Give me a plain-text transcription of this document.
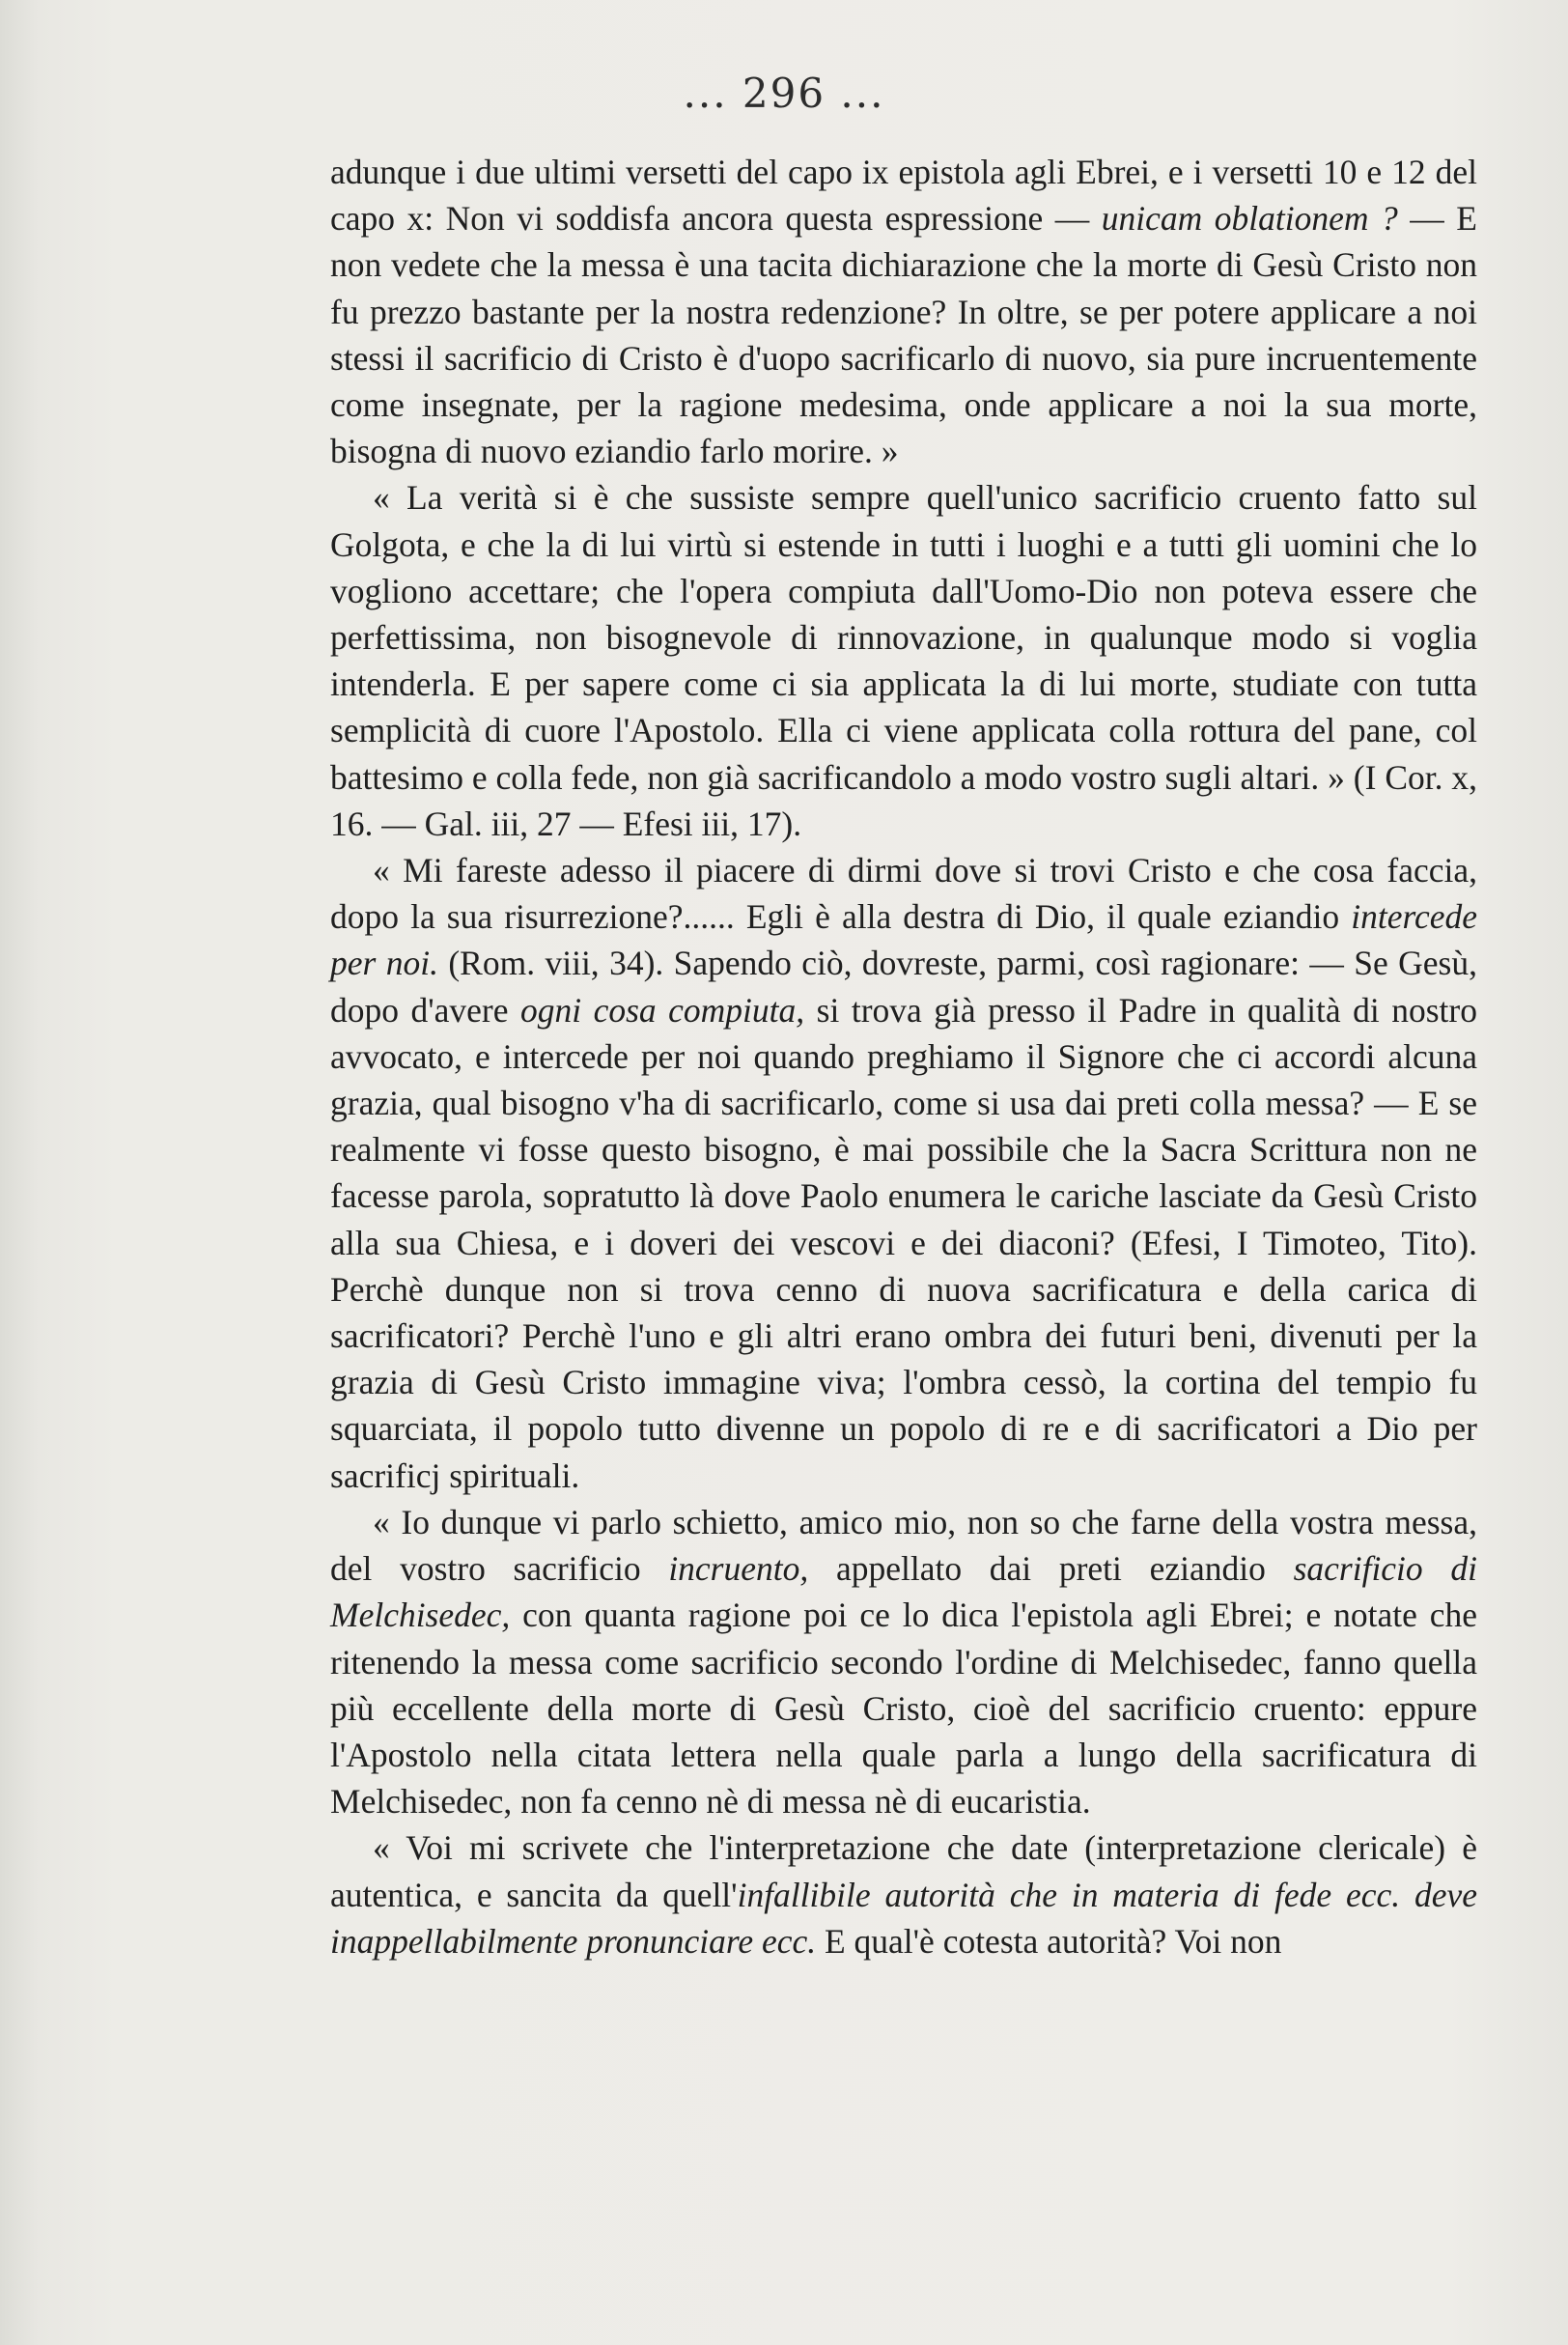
... 296 ...

adunque i due ultimi versetti del capo ix epistola agli Ebrei, e i versetti 10 e 12 del capo x: Non vi soddisfa ancora questa espressione — unicam oblationem ? — E non vedete che la messa è una tacita dichiarazione che la morte di Gesù Cristo non fu prezzo bastante per la nostra redenzione? In oltre, se per potere applicare a noi stessi il sacrificio di Cristo è d'uopo sacrificarlo di nuovo, sia pure incruentemente come insegnate, per la ragione medesima, onde applicare a noi la sua morte, bisogna di nuovo eziandio farlo morire. »

« La verità si è che sussiste sempre quell'unico sacrificio cruento fatto sul Golgota, e che la di lui virtù si estende in tutti i luoghi e a tutti gli uomini che lo vogliono accettare; che l'opera compiuta dall'Uomo-Dio non poteva essere che perfettissima, non bisognevole di rinnovazione, in qualunque modo si voglia intenderla. E per sapere come ci sia applicata la di lui morte, studiate con tutta semplicità di cuore l'Apostolo. Ella ci viene applicata colla rottura del pane, col battesimo e colla fede, non già sacrificandolo a modo vostro sugli altari. » (I Cor. x, 16. — Gal. iii, 27 — Efesi iii, 17).

« Mi fareste adesso il piacere di dirmi dove si trovi Cristo e che cosa faccia, dopo la sua risurrezione?...... Egli è alla destra di Dio, il quale eziandio intercede per noi. (Rom. viii, 34). Sapendo ciò, dovreste, parmi, così ragionare: — Se Gesù, dopo d'avere ogni cosa compiuta, si trova già presso il Padre in qualità di nostro avvocato, e intercede per noi quando preghiamo il Signore che ci accordi alcuna grazia, qual bisogno v'ha di sacrificarlo, come si usa dai preti colla messa? — E se realmente vi fosse questo bisogno, è mai possibile che la Sacra Scrittura non ne facesse parola, sopratutto là dove Paolo enumera le cariche lasciate da Gesù Cristo alla sua Chiesa, e i doveri dei vescovi e dei diaconi? (Efesi, I Timoteo, Tito). Perchè dunque non si trova cenno di nuova sacrificatura e della carica di sacrificatori? Perchè l'uno e gli altri erano ombra dei futuri beni, divenuti per la grazia di Gesù Cristo immagine viva; l'ombra cessò, la cortina del tempio fu squarciata, il popolo tutto divenne un popolo di re e di sacrificatori a Dio per sacrificj spirituali.

« Io dunque vi parlo schietto, amico mio, non so che farne della vostra messa, del vostro sacrificio incruento, appellato dai preti eziandio sacrificio di Melchisedec, con quanta ragione poi ce lo dica l'epistola agli Ebrei; e notate che ritenendo la messa come sacrificio secondo l'ordine di Melchisedec, fanno quella più eccellente della morte di Gesù Cristo, cioè del sacrificio cruento: eppure l'Apostolo nella citata lettera nella quale parla a lungo della sacrificatura di Melchisedec, non fa cenno nè di messa nè di eucaristia.

« Voi mi scrivete che l'interpretazione che date (interpretazione clericale) è autentica, e sancita da quell'infallibile autorità che in materia di fede ecc. deve inappellabilmente pronunciare ecc. E qual'è cotesta autorità? Voi non
